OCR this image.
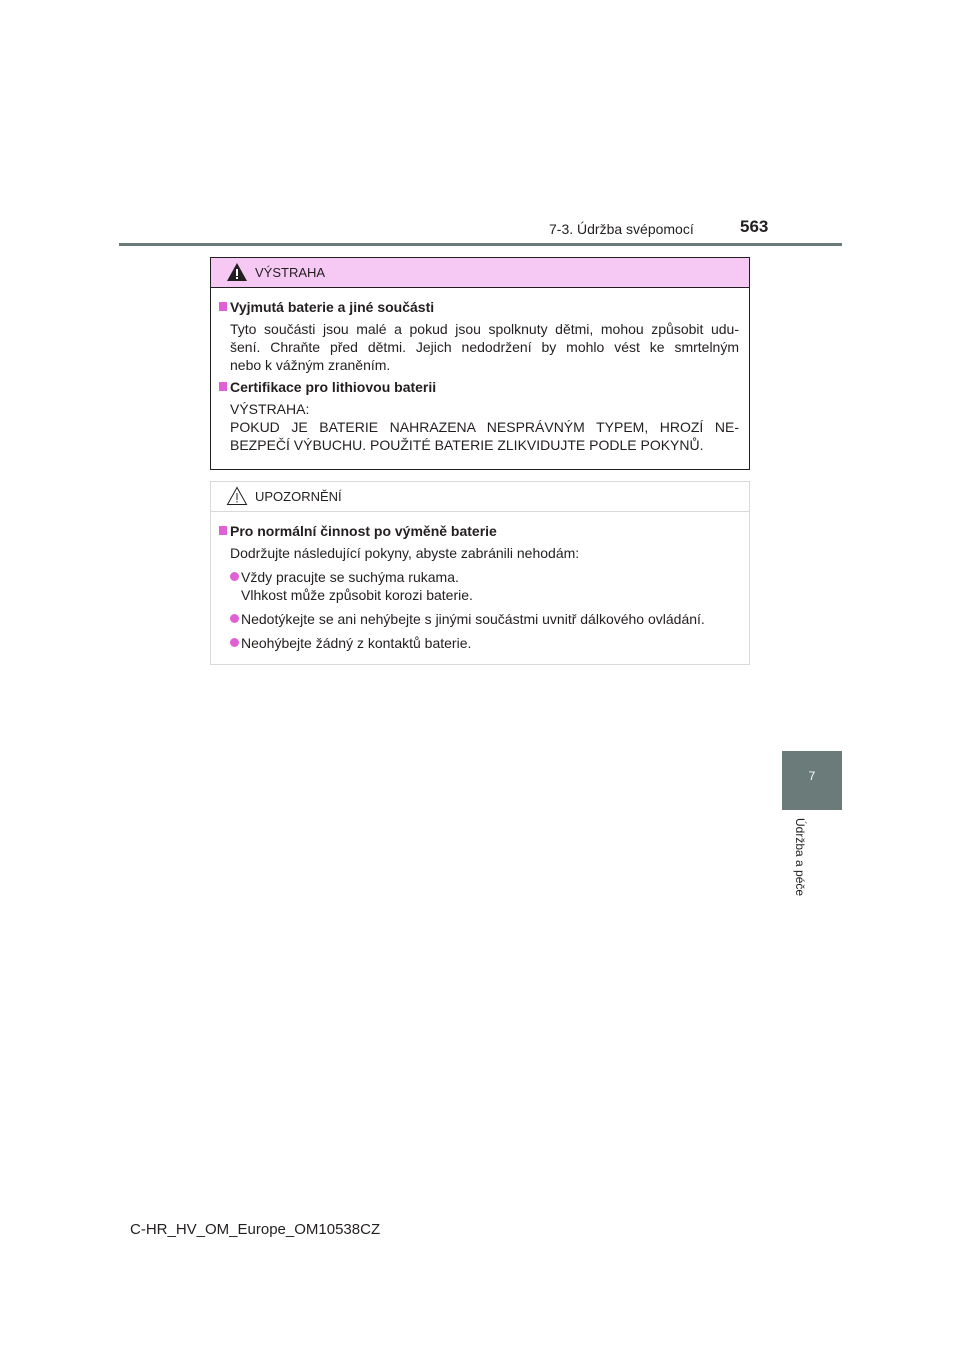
7-3. Údržba svépomocí	563
7
Údržba a péče
VÝSTRAHA
Vyjmutá baterie a jiné součásti
Tyto součásti jsou malé a pokud jsou spolknuty dětmi, mohou způsobit udu-
šení. Chraňte před dětmi. Jejich nedodržení by mohlo vést ke smrtelným
nebo k vážným zraněním.
Certifikace pro lithiovou baterii
VÝSTRAHA:
POKUD JE BATERIE NAHRAZENA NESPRÁVNÝM TYPEM, HROZÍ NE-
BEZPEČÍ VÝBUCHU. POUŽITÉ BATERIE ZLIKVIDUJTE PODLE POKYNŮ.
UPOZORNĚNÍ
Pro normální činnost po výměně baterie
Dodržujte následující pokyny, abyste zabránili nehodám:
Vždy pracujte se suchýma rukama.
Vlhkost může způsobit korozi baterie.
Nedotýkejte se ani nehýbejte s jinými součástmi uvnitř dálkového ovládání.
Neohýbejte žádný z kontaktů baterie.
C-HR_HV_OM_Europe_OM10538CZ
